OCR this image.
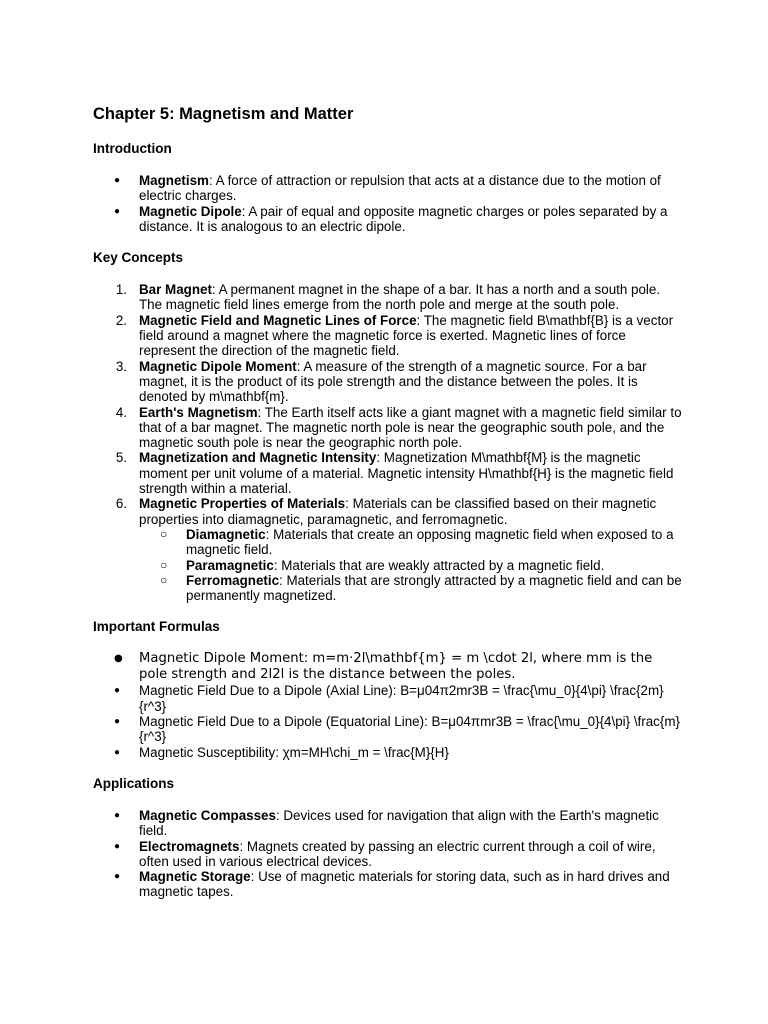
Chapter 5: Magnetism and Matter
Introduction
● Magnetism: A force of attraction or repulsion that acts at a distance due to the motion of electric charges.
● Magnetic Dipole: A pair of equal and opposite magnetic charges or poles separated by a distance. It is analogous to an electric dipole.
Key Concepts
1. Bar Magnet: A permanent magnet in the shape of a bar. It has a north and a south pole. The magnetic field lines emerge from the north pole and merge at the south pole.
2. Magnetic Field and Magnetic Lines of Force: The magnetic field B\mathbf{B} is a vector field around a magnet where the magnetic force is exerted. Magnetic lines of force represent the direction of the magnetic field.
3. Magnetic Dipole Moment: A measure of the strength of a magnetic source. For a bar magnet, it is the product of its pole strength and the distance between the poles. It is denoted by m\mathbf{m}.
4. Earth's Magnetism: The Earth itself acts like a giant magnet with a magnetic field similar to that of a bar magnet. The magnetic north pole is near the geographic south pole, and the magnetic south pole is near the geographic north pole.
5. Magnetization and Magnetic Intensity: Magnetization M\mathbf{M} is the magnetic moment per unit volume of a material. Magnetic intensity H\mathbf{H} is the magnetic field strength within a material.
6. Magnetic Properties of Materials: Materials can be classified based on their magnetic properties into diamagnetic, paramagnetic, and ferromagnetic.
○ Diamagnetic: Materials that create an opposing magnetic field when exposed to a magnetic field.
○ Paramagnetic: Materials that are weakly attracted by a magnetic field.
○ Ferromagnetic: Materials that are strongly attracted by a magnetic field and can be permanently magnetized.
Important Formulas
● Magnetic Dipole Moment: m=m·2l\mathbf{m} = m \cdot 2l, where mm is the pole strength and 2l2l is the distance between the poles.
● Magnetic Field Due to a Dipole (Axial Line): B=μ04π2mr3B = \frac{\mu_0}{4\pi} \frac{2m}{r^3}
● Magnetic Field Due to a Dipole (Equatorial Line): B=μ04πmr3B = \frac{\mu_0}{4\pi} \frac{m}{r^3}
● Magnetic Susceptibility: χm=MH\chi_m = \frac{M}{H}
Applications
● Magnetic Compasses: Devices used for navigation that align with the Earth's magnetic field.
● Electromagnets: Magnets created by passing an electric current through a coil of wire, often used in various electrical devices.
● Magnetic Storage: Use of magnetic materials for storing data, such as in hard drives and magnetic tapes.
